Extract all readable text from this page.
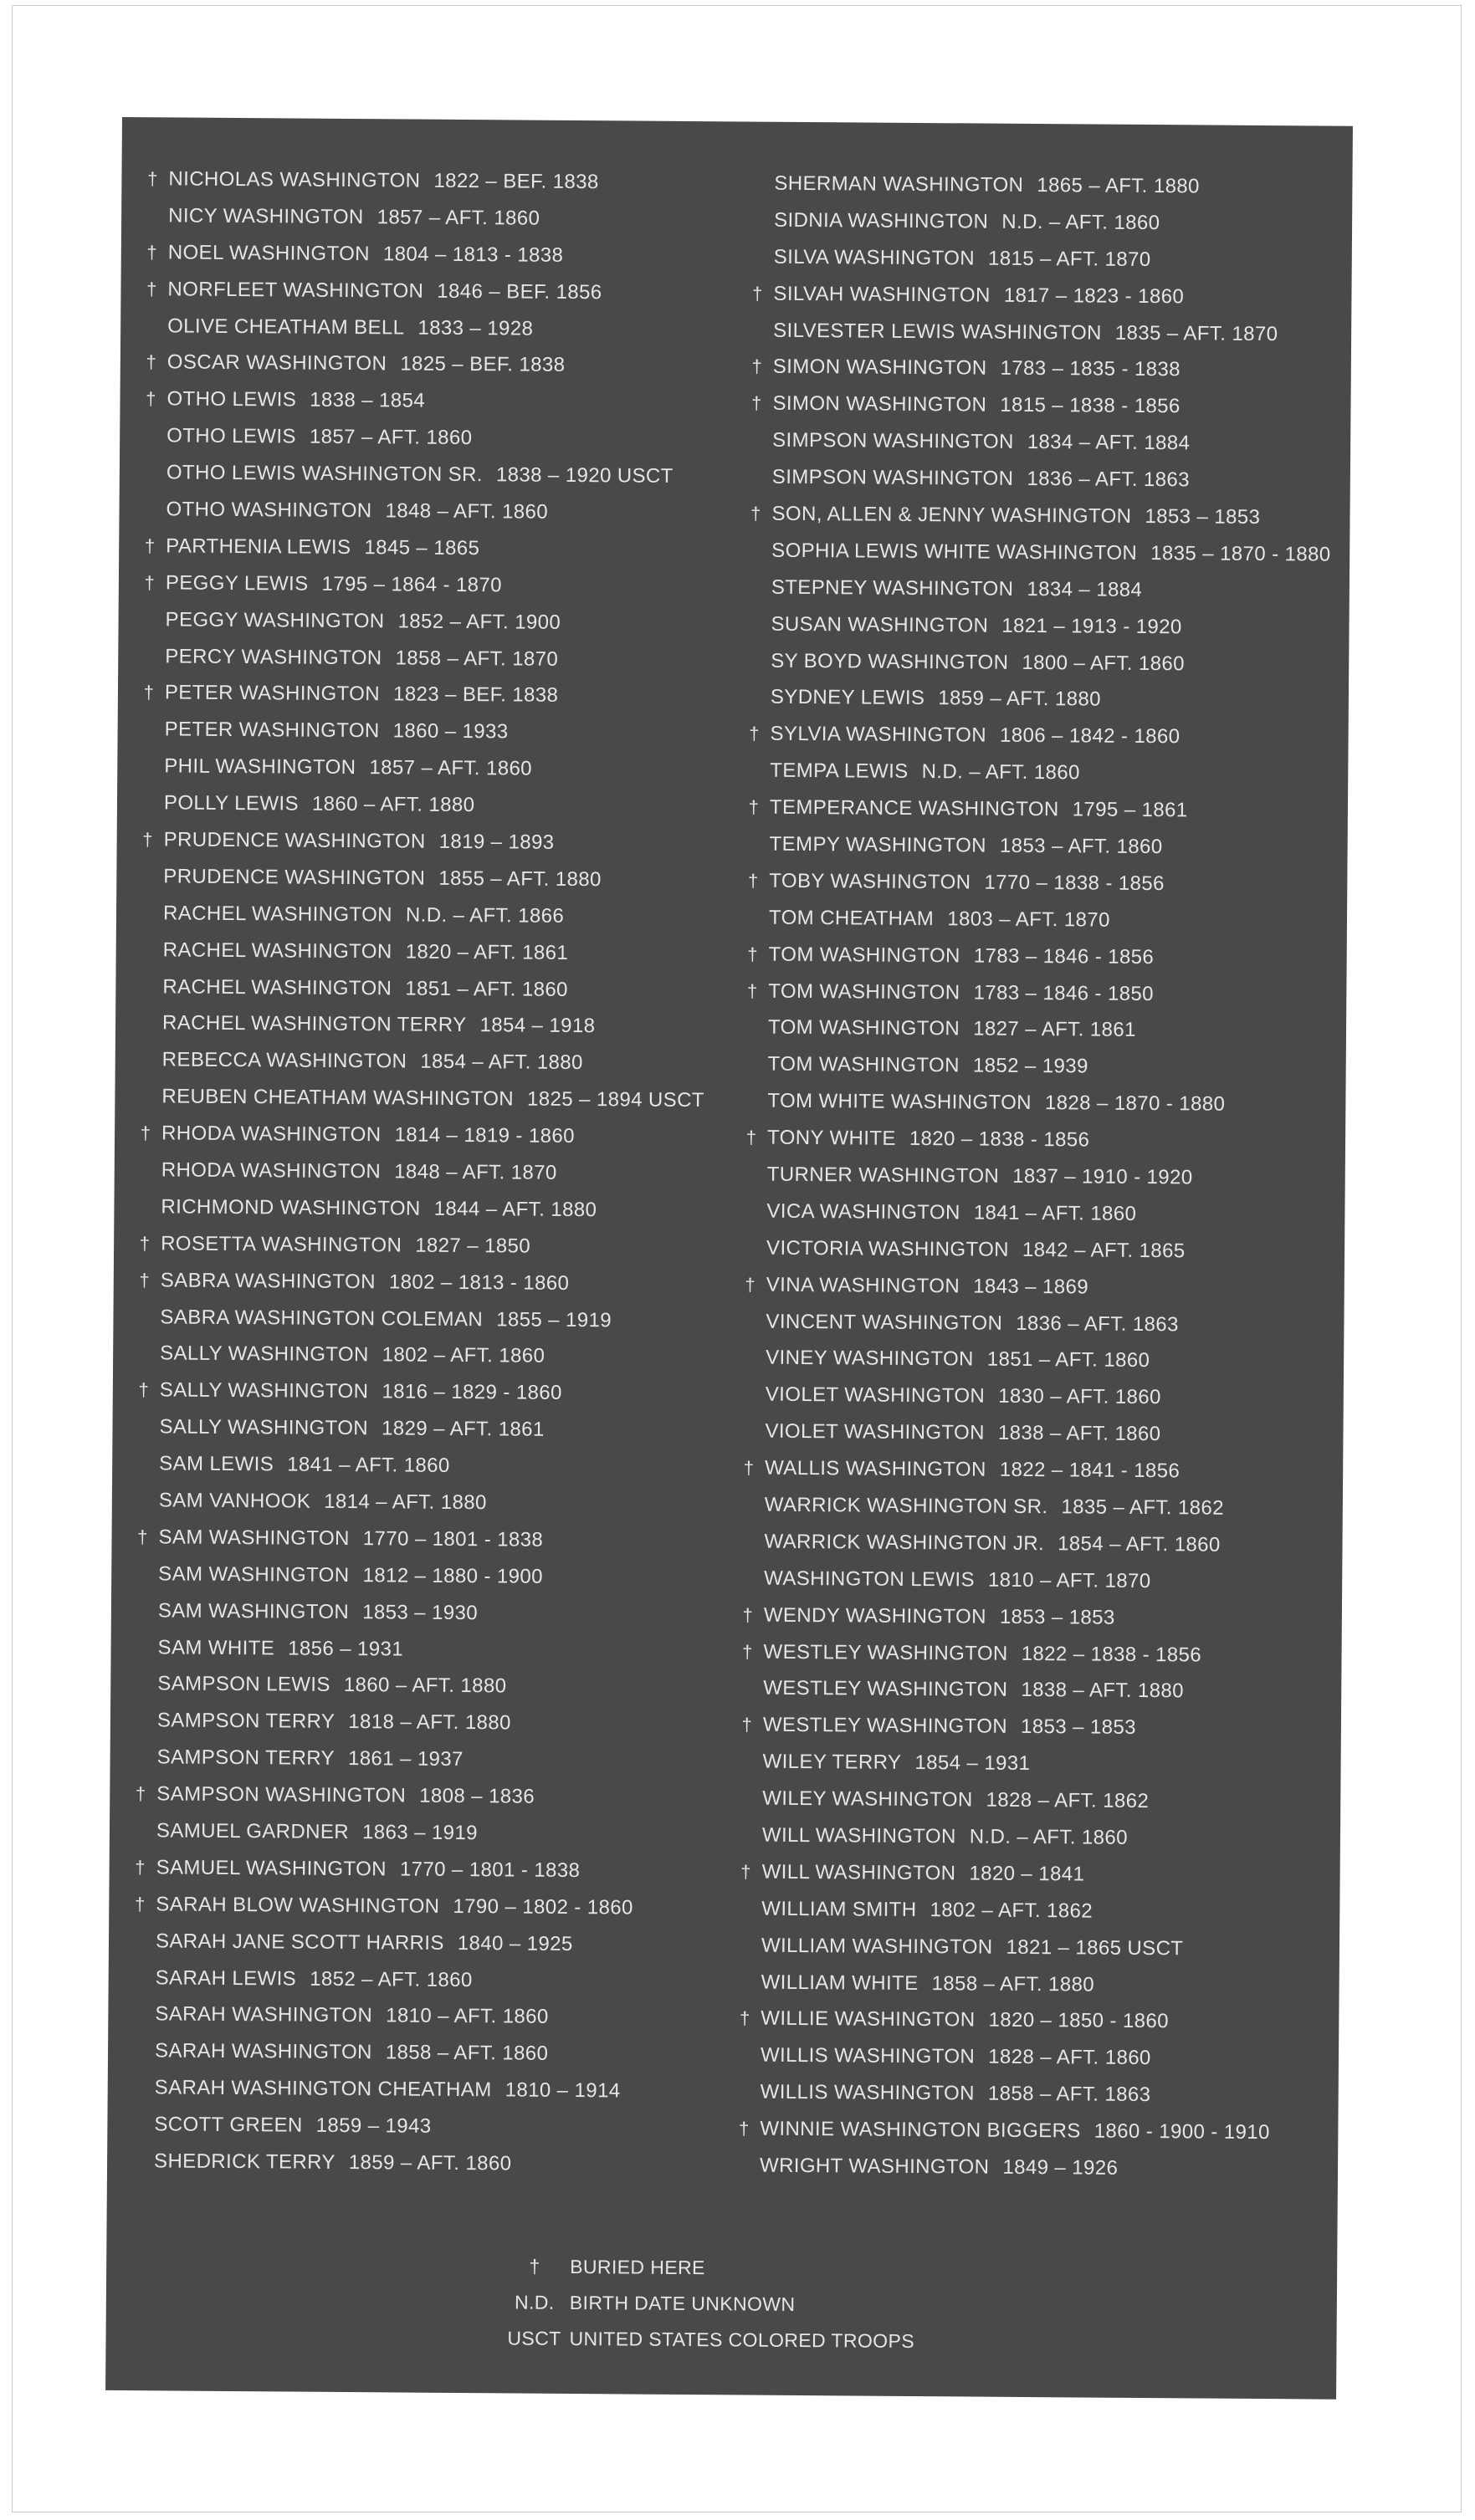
† NICHOLAS WASHINGTON 1822 – BEF. 1838
NICY WASHINGTON 1857 – AFT. 1860
† NOEL WASHINGTON 1804 – 1813 - 1838
† NORFLEET WASHINGTON 1846 – BEF. 1856
OLIVE CHEATHAM BELL 1833 – 1928
† OSCAR WASHINGTON 1825 – BEF. 1838
† OTHO LEWIS 1838 – 1854
OTHO LEWIS 1857 – AFT. 1860
OTHO LEWIS WASHINGTON SR. 1838 – 1920 USCT
OTHO WASHINGTON 1848 – AFT. 1860
† PARTHENIA LEWIS 1845 – 1865
† PEGGY LEWIS 1795 – 1864 - 1870
PEGGY WASHINGTON 1852 – AFT. 1900
PERCY WASHINGTON 1858 – AFT. 1870
† PETER WASHINGTON 1823 – BEF. 1838
PETER WASHINGTON 1860 – 1933
PHIL WASHINGTON 1857 – AFT. 1860
POLLY LEWIS 1860 – AFT. 1880
† PRUDENCE WASHINGTON 1819 – 1893
PRUDENCE WASHINGTON 1855 – AFT. 1880
RACHEL WASHINGTON N.D. – AFT. 1866
RACHEL WASHINGTON 1820 – AFT. 1861
RACHEL WASHINGTON 1851 – AFT. 1860
RACHEL WASHINGTON TERRY 1854 – 1918
REBECCA WASHINGTON 1854 – AFT. 1880
REUBEN CHEATHAM WASHINGTON 1825 – 1894 USCT
† RHODA WASHINGTON 1814 – 1819 - 1860
RHODA WASHINGTON 1848 – AFT. 1870
RICHMOND WASHINGTON 1844 – AFT. 1880
† ROSETTA WASHINGTON 1827 – 1850
† SABRA WASHINGTON 1802 – 1813 - 1860
SABRA WASHINGTON COLEMAN 1855 – 1919
SALLY WASHINGTON 1802 – AFT. 1860
† SALLY WASHINGTON 1816 – 1829 - 1860
SALLY WASHINGTON 1829 – AFT. 1861
SAM LEWIS 1841 – AFT. 1860
SAM VANHOOK 1814 – AFT. 1880
† SAM WASHINGTON 1770 – 1801 - 1838
SAM WASHINGTON 1812 – 1880 - 1900
SAM WASHINGTON 1853 – 1930
SAM WHITE 1856 – 1931
SAMPSON LEWIS 1860 – AFT. 1880
SAMPSON TERRY 1818 – AFT. 1880
SAMPSON TERRY 1861 – 1937
† SAMPSON WASHINGTON 1808 – 1836
SAMUEL GARDNER 1863 – 1919
† SAMUEL WASHINGTON 1770 – 1801 - 1838
† SARAH BLOW WASHINGTON 1790 – 1802 - 1860
SARAH JANE SCOTT HARRIS 1840 – 1925
SARAH LEWIS 1852 – AFT. 1860
SARAH WASHINGTON 1810 – AFT. 1860
SARAH WASHINGTON 1858 – AFT. 1860
SARAH WASHINGTON CHEATHAM 1810 – 1914
SCOTT GREEN 1859 – 1943
SHEDRICK TERRY 1859 – AFT. 1860
SHERMAN WASHINGTON 1865 – AFT. 1880
SIDNIA WASHINGTON N.D. – AFT. 1860
SILVA WASHINGTON 1815 – AFT. 1870
† SILVAH WASHINGTON 1817 – 1823 - 1860
SILVESTER LEWIS WASHINGTON 1835 – AFT. 1870
† SIMON WASHINGTON 1783 – 1835 - 1838
† SIMON WASHINGTON 1815 – 1838 - 1856
SIMPSON WASHINGTON 1834 – AFT. 1884
SIMPSON WASHINGTON 1836 – AFT. 1863
† SON, ALLEN & JENNY WASHINGTON 1853 – 1853
SOPHIA LEWIS WHITE WASHINGTON 1835 – 1870 - 1880
STEPNEY WASHINGTON 1834 – 1884
SUSAN WASHINGTON 1821 – 1913 - 1920
SY BOYD WASHINGTON 1800 – AFT. 1860
SYDNEY LEWIS 1859 – AFT. 1880
† SYLVIA WASHINGTON 1806 – 1842 - 1860
TEMPA LEWIS N.D. – AFT. 1860
† TEMPERANCE WASHINGTON 1795 – 1861
TEMPY WASHINGTON 1853 – AFT. 1860
† TOBY WASHINGTON 1770 – 1838 - 1856
TOM CHEATHAM 1803 – AFT. 1870
† TOM WASHINGTON 1783 – 1846 - 1856
† TOM WASHINGTON 1783 – 1846 - 1850
TOM WASHINGTON 1827 – AFT. 1861
TOM WASHINGTON 1852 – 1939
TOM WHITE WASHINGTON 1828 – 1870 - 1880
† TONY WHITE 1820 – 1838 - 1856
TURNER WASHINGTON 1837 – 1910 - 1920
VICA WASHINGTON 1841 – AFT. 1860
VICTORIA WASHINGTON 1842 – AFT. 1865
† VINA WASHINGTON 1843 – 1869
VINCENT WASHINGTON 1836 – AFT. 1863
VINEY WASHINGTON 1851 – AFT. 1860
VIOLET WASHINGTON 1830 – AFT. 1860
VIOLET WASHINGTON 1838 – AFT. 1860
† WALLIS WASHINGTON 1822 – 1841 - 1856
WARRICK WASHINGTON SR. 1835 – AFT. 1862
WARRICK WASHINGTON JR. 1854 – AFT. 1860
WASHINGTON LEWIS 1810 – AFT. 1870
† WENDY WASHINGTON 1853 – 1853
† WESTLEY WASHINGTON 1822 – 1838 - 1856
WESTLEY WASHINGTON 1838 – AFT. 1880
† WESTLEY WASHINGTON 1853 – 1853
WILEY TERRY 1854 – 1931
WILEY WASHINGTON 1828 – AFT. 1862
WILL WASHINGTON N.D. – AFT. 1860
† WILL WASHINGTON 1820 – 1841
WILLIAM SMITH 1802 – AFT. 1862
WILLIAM WASHINGTON 1821 – 1865 USCT
WILLIAM WHITE 1858 – AFT. 1880
† WILLIE WASHINGTON 1820 – 1850 - 1860
WILLIS WASHINGTON 1828 – AFT. 1860
WILLIS WASHINGTON 1858 – AFT. 1863
† WINNIE WASHINGTON BIGGERS 1860 - 1900 - 1910
WRIGHT WASHINGTON 1849 – 1926
†	BURIED HERE
N.D. BIRTH DATE UNKNOWN
USCT UNITED STATES COLORED TROOPS
